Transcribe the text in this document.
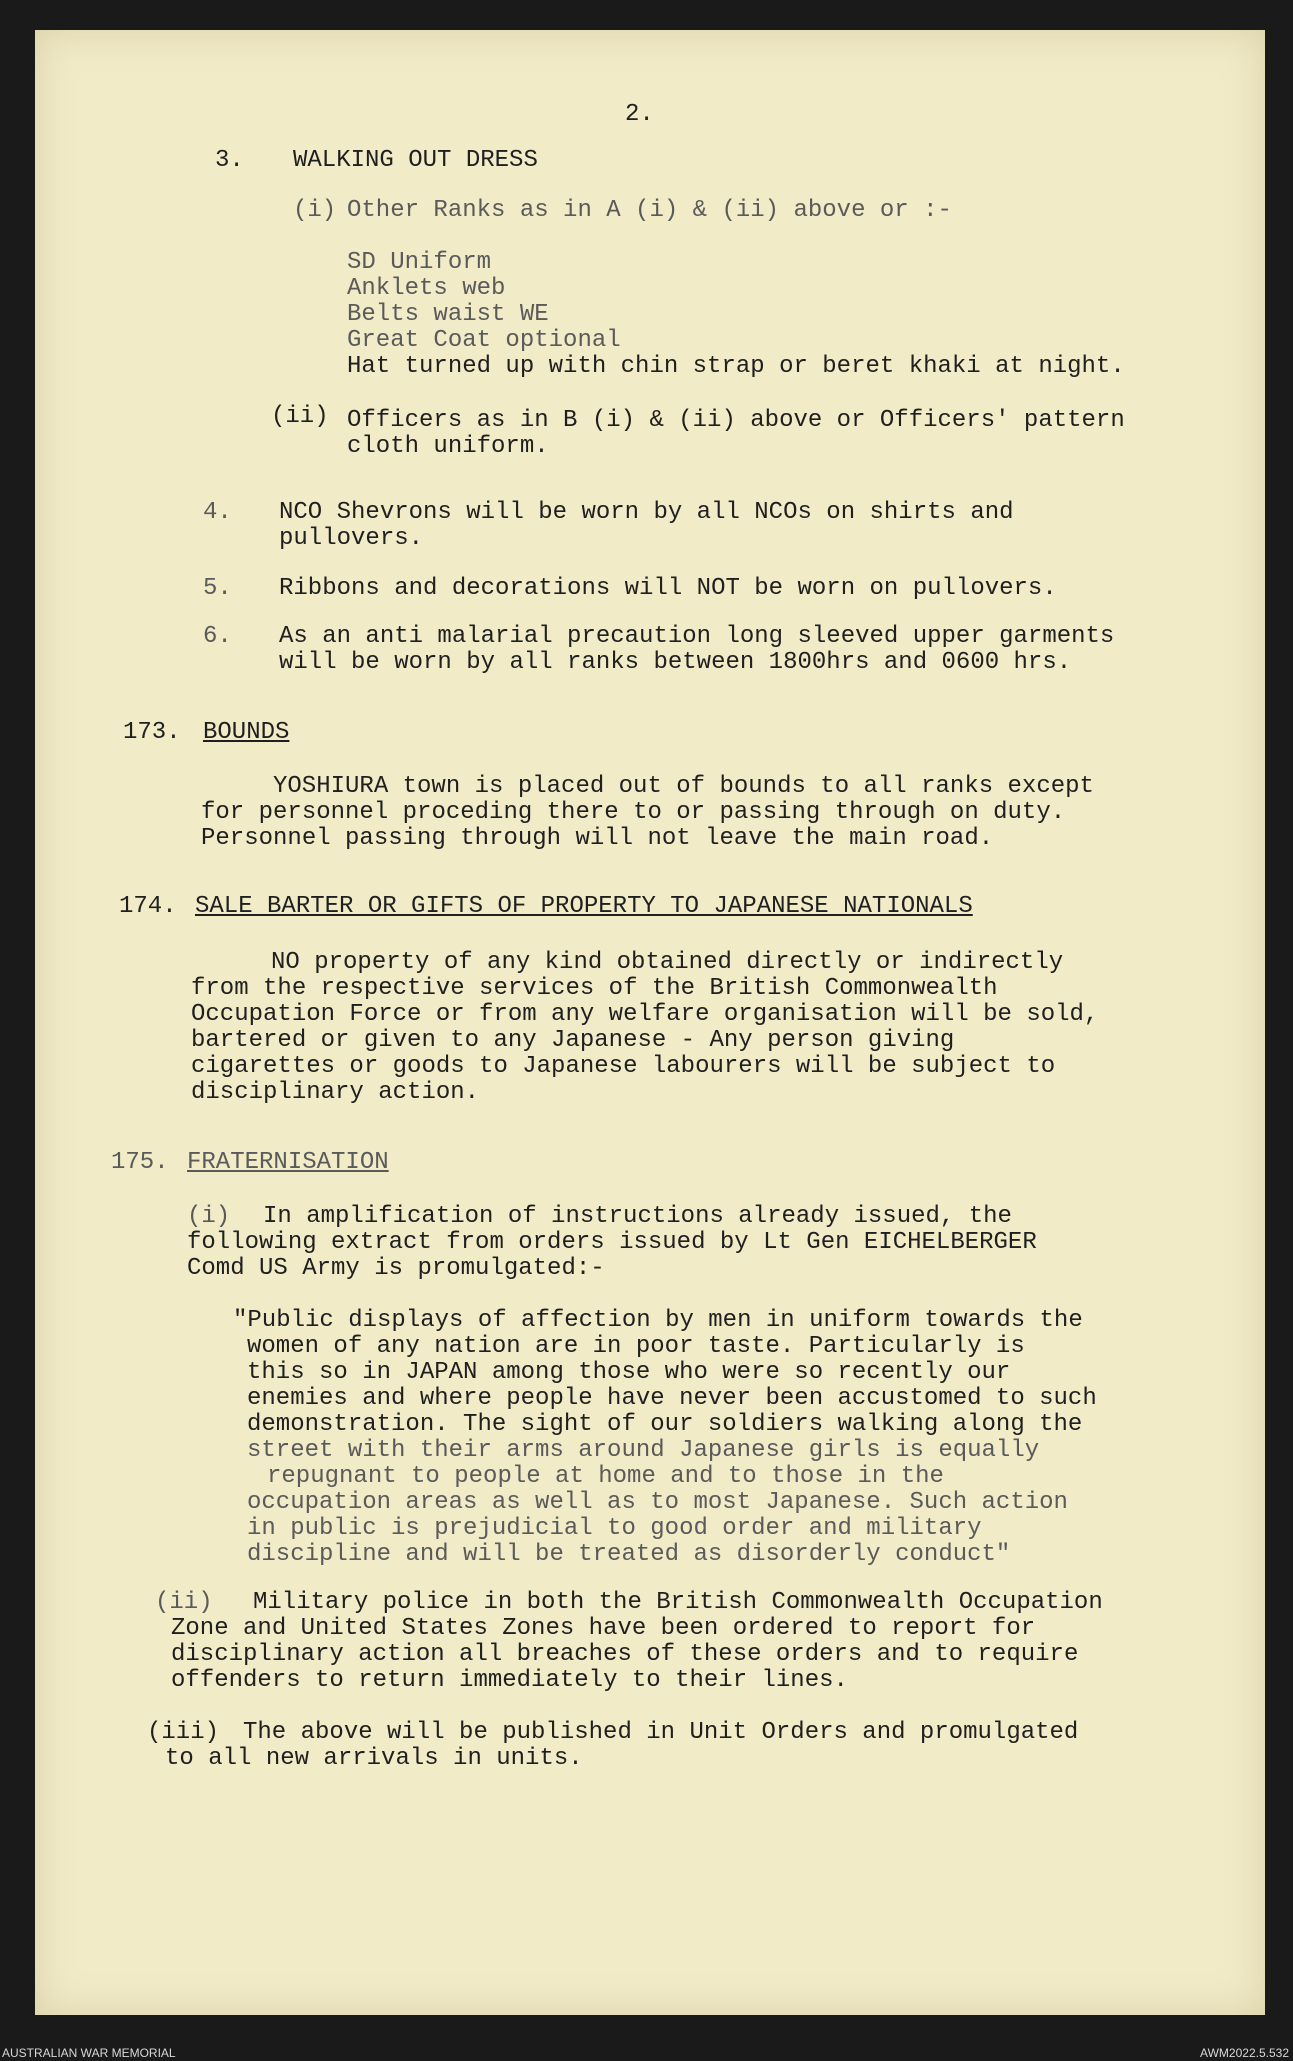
2.
3. WALKING OUT DRESS
(i) Other Ranks as in A (i) & (ii) above or :-
SD Uniform
Anklets web
Belts waist WE
Great Coat optional
Hat turned up with chin strap or beret khaki at night.
(ii) Officers as in B (i) & (ii) above or Officers' pattern
cloth uniform.
4. NCO Shevrons will be worn by all NCOs on shirts and
pullovers.
5. Ribbons and decorations will NOT be worn on pullovers.
6. As an anti malarial precaution long sleeved upper garments
will be worn by all ranks between 1800hrs and 0600 hrs.
173. BOUNDS
YOSHIURA town is placed out of bounds to all ranks except
for personnel proceding there to or passing through on duty.
Personnel passing through will not leave the main road.
174. SALE BARTER OR GIFTS OF PROPERTY TO JAPANESE NATIONALS
NO property of any kind obtained directly or indirectly
from the respective services of the British Commonwealth
Occupation Force or from any welfare organisation will be sold,
bartered or given to any Japanese - Any person giving
cigarettes or goods to Japanese labourers will be subject to
disciplinary action.
175. FRATERNISATION
(i) In amplification of instructions already issued, the
following extract from orders issued by Lt Gen EICHELBERGER
Comd US Army is promulgated:-
"Public displays of affection by men in uniform towards the
women of any nation are in poor taste. Particularly is
this so in JAPAN among those who were so recently our
enemies and where people have never been accustomed to such
demonstration. The sight of our soldiers walking along the
street with their arms around Japanese girls is equally
repugnant to people at home and to those in the
occupation areas as well as to most Japanese. Such action
in public is prejudicial to good order and military
discipline and will be treated as disorderly conduct"
(ii) Military police in both the British Commonwealth Occupation
Zone and United States Zones have been ordered to report for
disciplinary action all breaches of these orders and to require
offenders to return immediately to their lines.
(iii) The above will be published in Unit Orders and promulgated
to all new arrivals in units.
AUSTRALIAN WAR MEMORIAL	AWM2022.5.532
